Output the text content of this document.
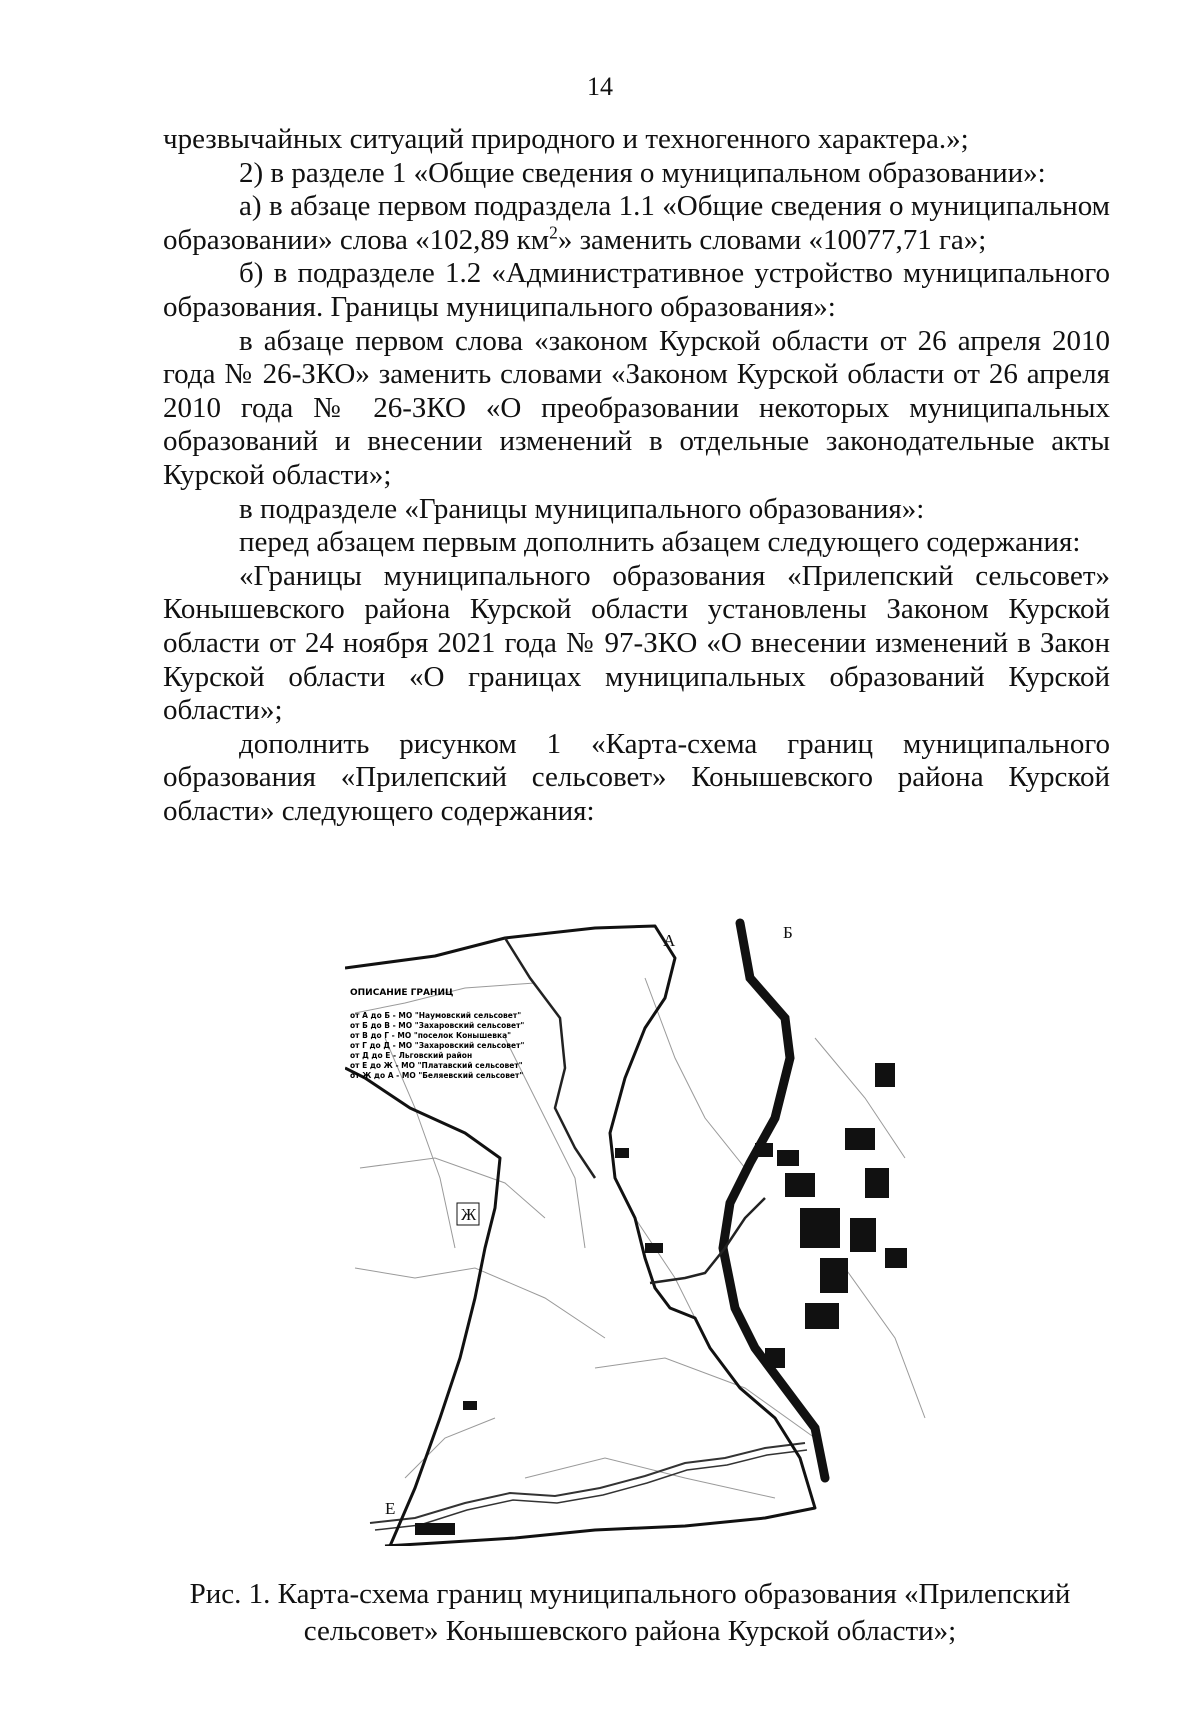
14

чрезвычайных ситуаций природного и техногенного характера.»;

2) в разделе 1 «Общие сведения о муниципальном образовании»:

а) в абзаце первом подраздела 1.1 «Общие сведения о муниципальном образовании» слова «102,89 $км^2$» заменить словами «10077,71 га»;

б) в подразделе 1.2 «Административное устройство муниципального образования. Границы муниципального образования»:

в абзаце первом слова «законом Курской области от 26 апреля 2010 года № 26-ЗКО» заменить словами «Законом Курской области от 26 апреля 2010 года № 26-ЗКО «О преобразовании некоторых муниципальных образований и внесении изменений в отдельные законодательные акты Курской области»;

в подразделе «Границы муниципального образования»:

перед абзацем первым дополнить абзацем следующего содержания:

«Границы муниципального образования «Прилепский сельсовет» Конышевского района Курской области установлены Законом Курской области от 24 ноября 2021 года № 97-ЗКО «О внесении изменений в Закон Курской области «О границах муниципальных образований Курской области»;

дополнить рисунком 1 «Карта-схема границ муниципального образования «Прилепский сельсовет» Конышевского района Курской области» следующего содержания:

ОПИСАНИЕ ГРАНИЦ
от А до Б - МО "Наумовский сельсовет"
от Б до В - МО "Захаровский сельсовет"
от В до Г - МО "поселок Конышевка"
от Г до Д - МО "Захаровский сельсовет"
от Д до Е - Льговский район
от Е до Ж - МО "Платавский сельсовет"
от Ж до А - МО "Беляевский сельсовет"
А	Б
Ж
Е
Рис. 1. Карта-схема границ муниципального образования «Прилепский сельсовет» Конышевского района Курской области»;
